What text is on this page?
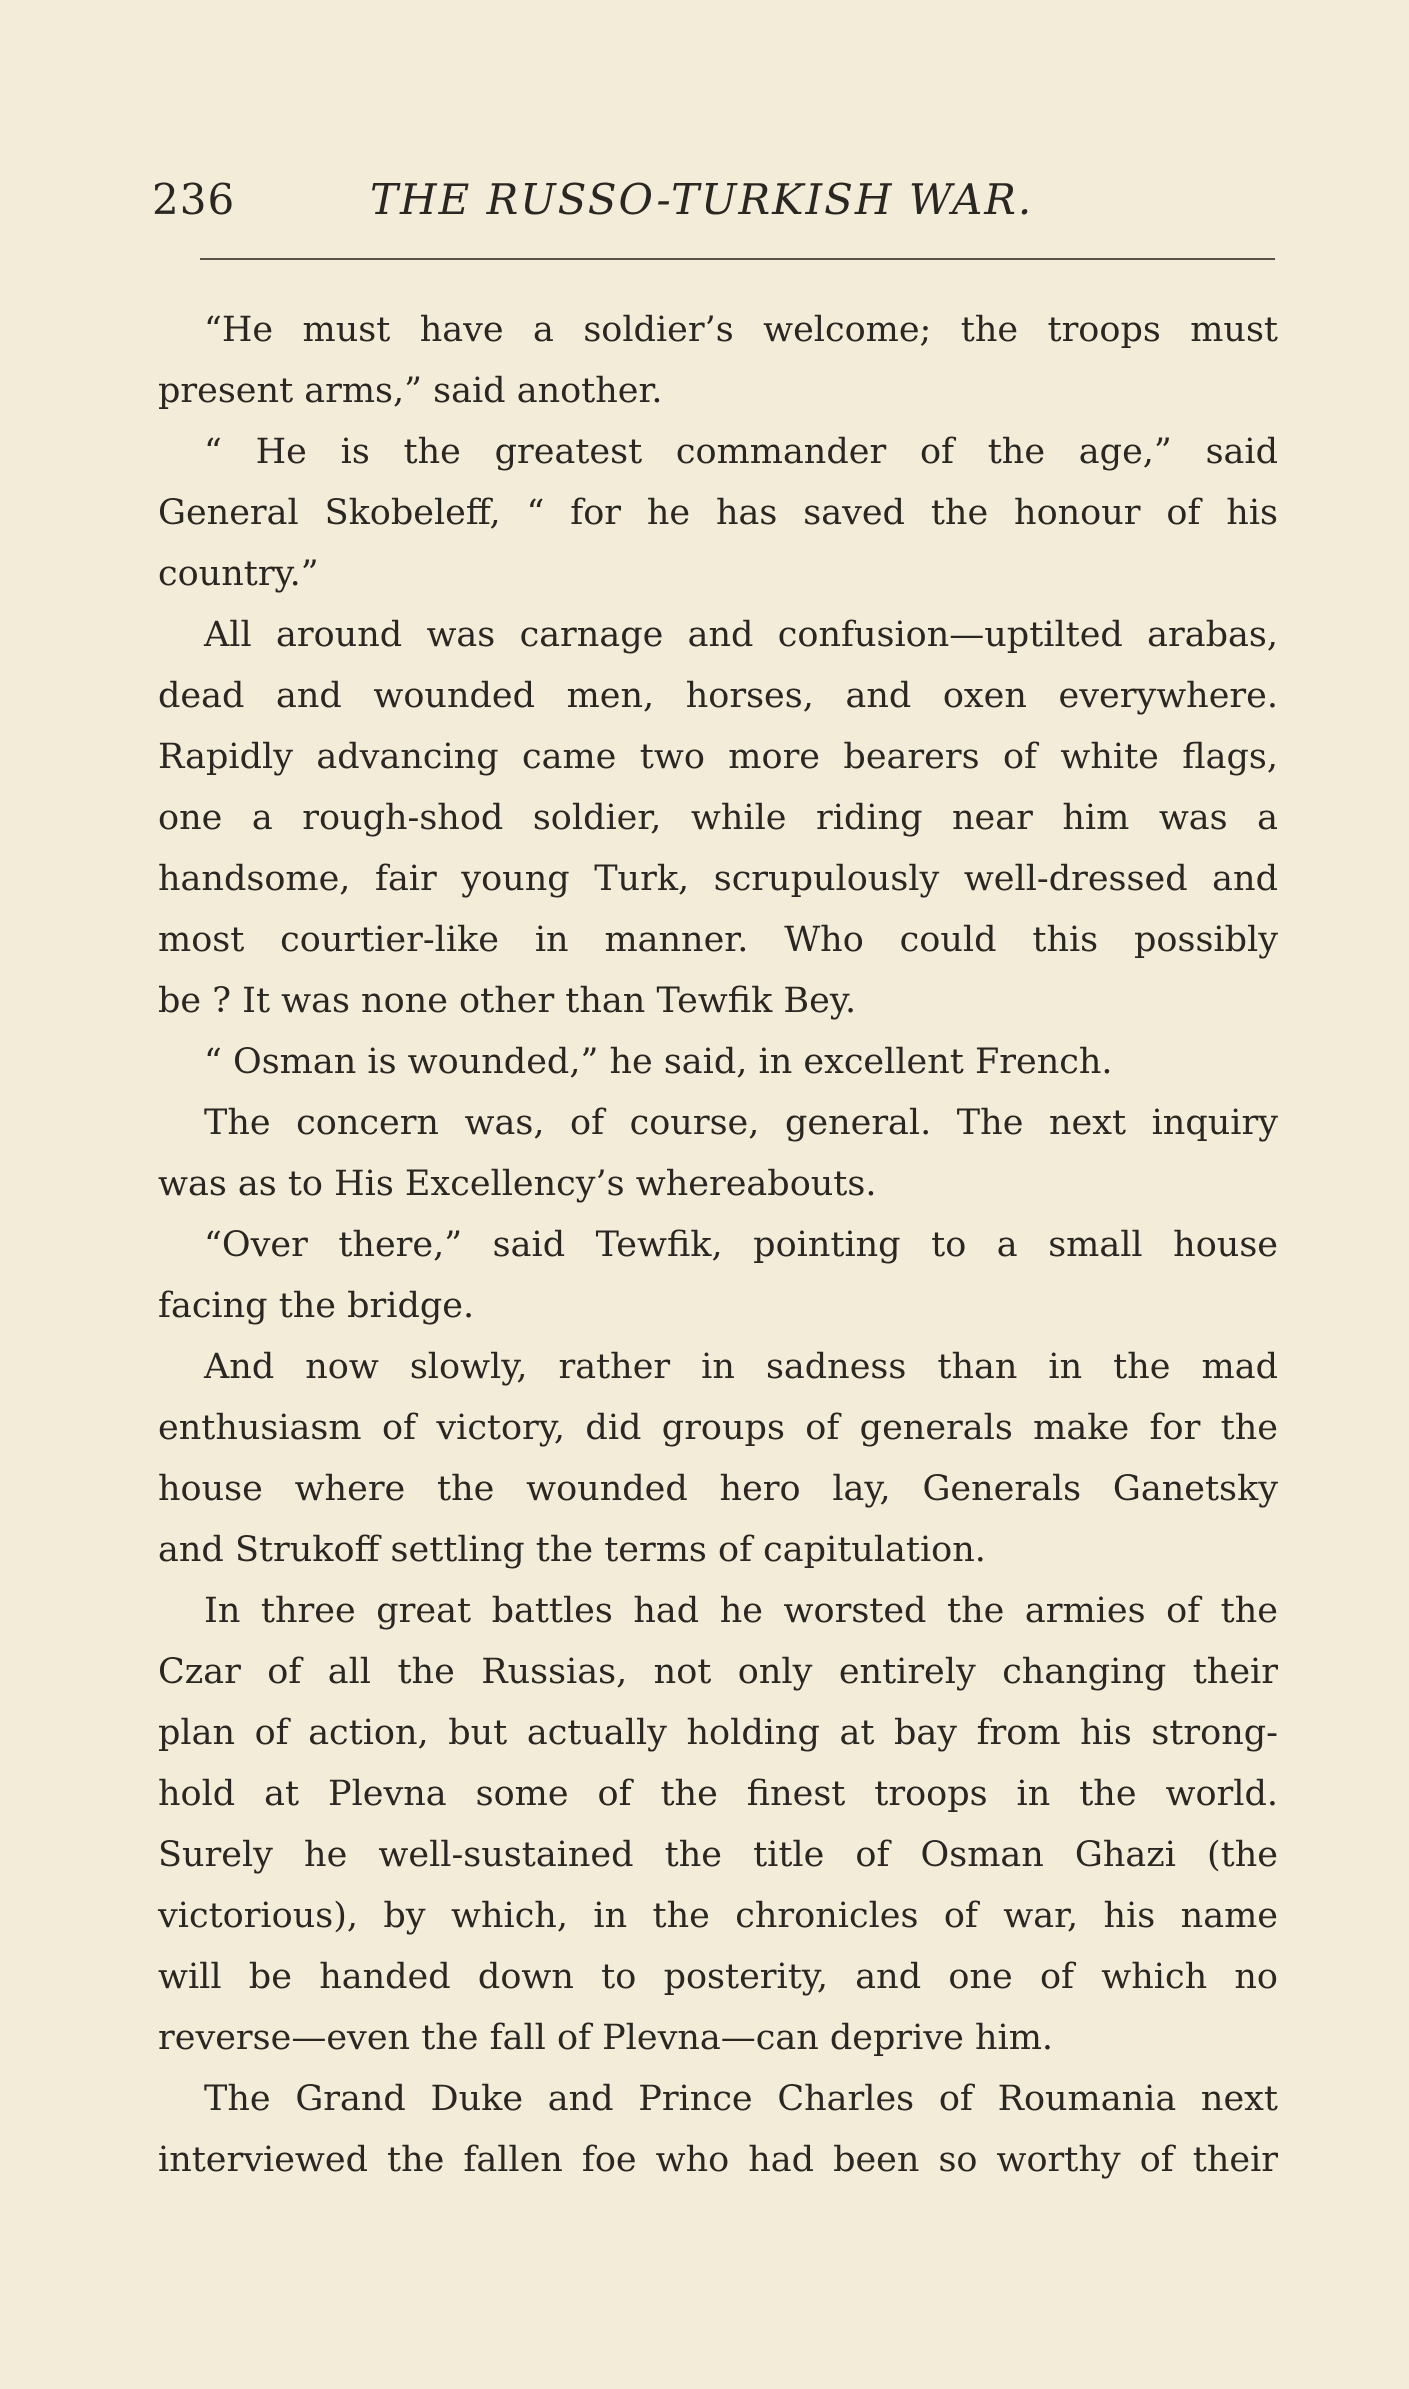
236	THE RUSSO-TURKISH WAR.
“He must have a soldier’s welcome; the troops must
present arms,” said another.
“ He is the greatest commander of the age,” said
General Skobeleff, “ for he has saved the honour of his
country.”
All around was carnage and confusion—uptilted arabas,
dead and wounded men, horses, and oxen everywhere.
Rapidly advancing came two more bearers of white flags,
one a rough-shod soldier, while riding near him was a
handsome, fair young Turk, scrupulously well-dressed and
most courtier-like in manner. Who could this possibly
be ? It was none other than Tewfik Bey.
“ Osman is wounded,” he said, in excellent French.
The concern was, of course, general. The next inquiry
was as to His Excellency’s whereabouts.
“Over there,” said Tewfik, pointing to a small house
facing the bridge.
And now slowly, rather in sadness than in the mad
enthusiasm of victory, did groups of generals make for the
house where the wounded hero lay, Generals Ganetsky
and Strukoff settling the terms of capitulation.
In three great battles had he worsted the armies of the
Czar of all the Russias, not only entirely changing their
plan of action, but actually holding at bay from his strong-
hold at Plevna some of the finest troops in the world.
Surely he well-sustained the title of Osman Ghazi (the
victorious), by which, in the chronicles of war, his name
will be handed down to posterity, and one of which no
reverse—even the fall of Plevna—can deprive him.
The Grand Duke and Prince Charles of Roumania next
interviewed the fallen foe who had been so worthy of their
